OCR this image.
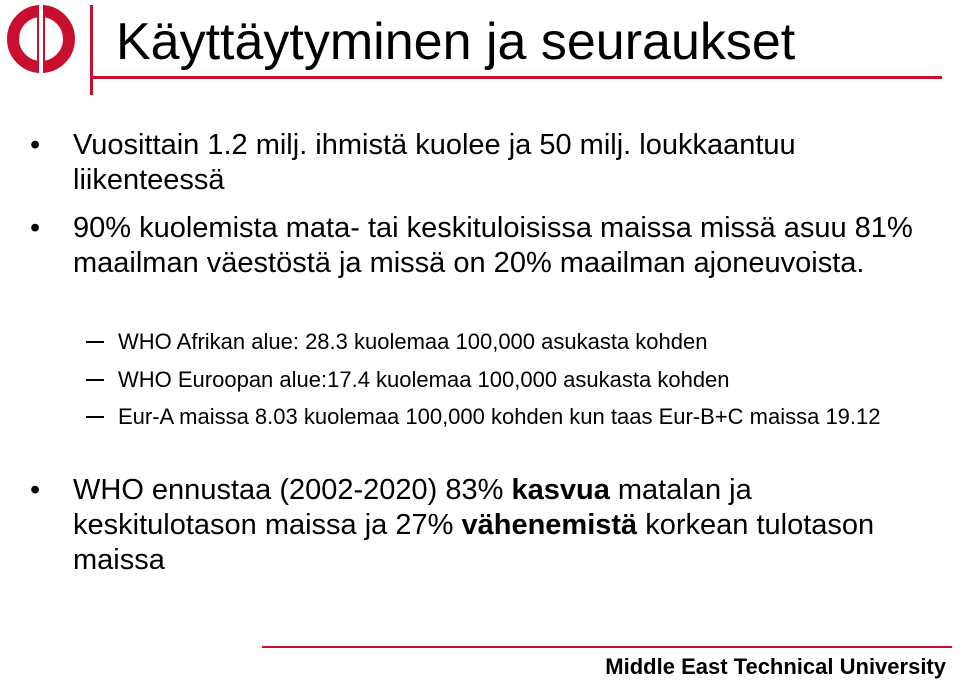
Käyttäytyminen ja seuraukset
•	Vuosittain 1.2 milj. ihmistä kuolee ja 50 milj. loukkaantuu liikenteessä
•	90% kuolemista mata- tai keskituloisissa maissa missä asuu 81% maailman väestöstä ja missä on 20% maailman ajoneuvoista.
WHO Afrikan alue: 28.3 kuolemaa 100,000 asukasta kohden
WHO Euroopan alue:17.4 kuolemaa 100,000 asukasta kohden
Eur-A maissa 8.03 kuolemaa 100,000 kohden kun taas Eur-B+C maissa 19.12
•	WHO ennustaa (2002-2020) 83% kasvua matalan ja keskitulotason maissa ja 27% vähenemistä korkean tulotason maissa

Middle East Technical University
